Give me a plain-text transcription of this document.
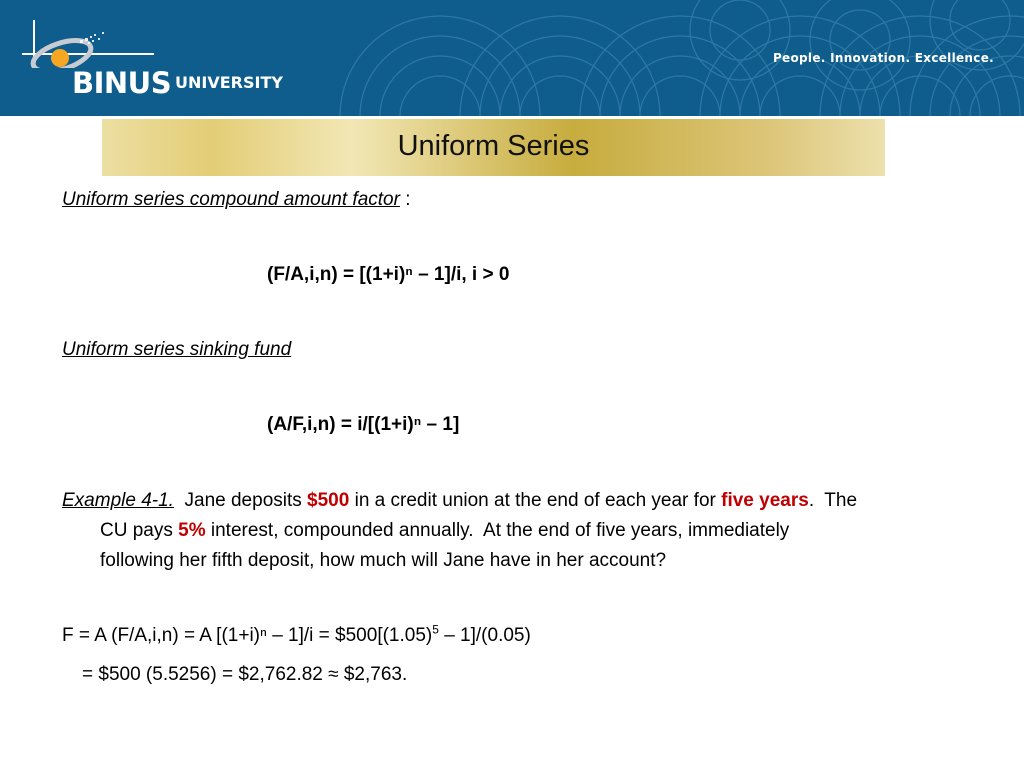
BINUS UNIVERSITY
People. Innovation. Excellence.
Uniform Series
Uniform series compound amount factor :
(F/A,i,n) = [(1+i)ⁿ – 1]/i, i > 0
Uniform series sinking fund
(A/F,i,n) = i/[(1+i)ⁿ – 1]
Example 4-1.  Jane deposits $500 in a credit union at the end of each year for five years.  The
CU pays 5% interest, compounded annually.  At the end of five years, immediately
following her fifth deposit, how much will Jane have in her account?
F = A (F/A,i,n) = A $[(1+i)^n - 1]/i = \$500[(1.05)^5 - 1]/(0.05)$
= $500 (5.5256) = $2,762.82 ≈ $2,763.
